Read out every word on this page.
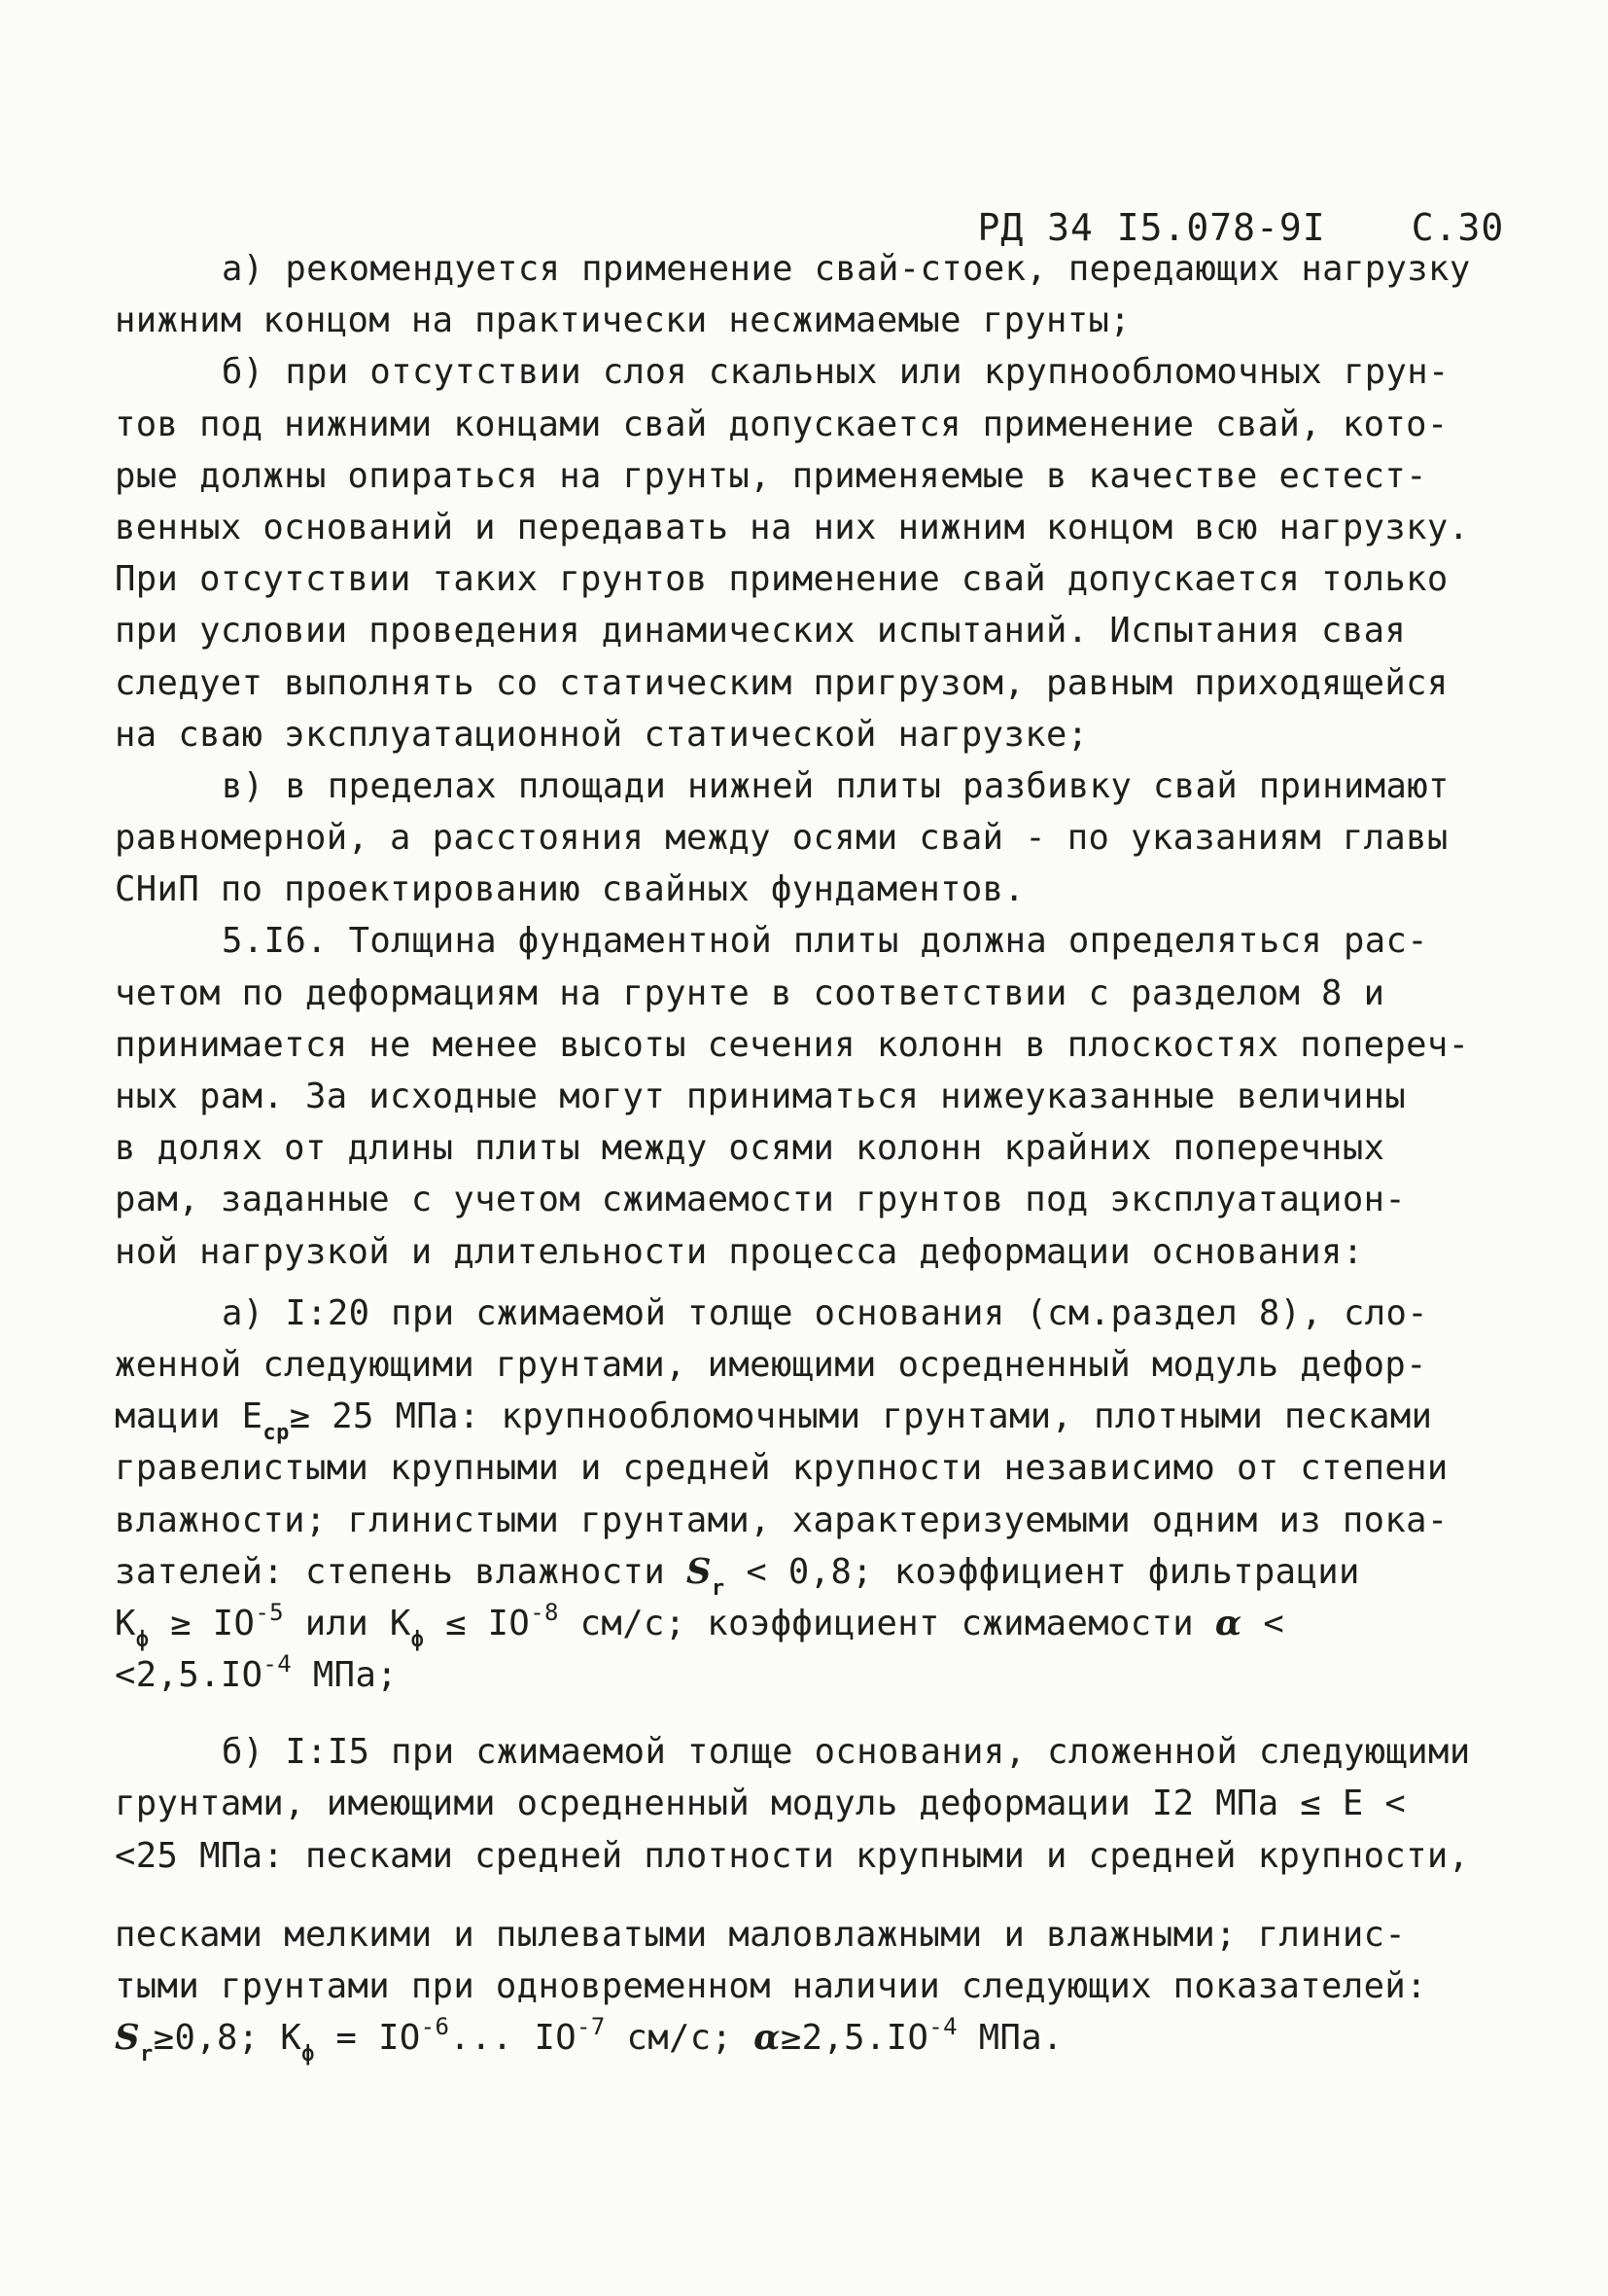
РД 34 I5.078-9I С.30

а) рекомендуется применение свай-стоек, передающих нагрузку
нижним концом на практически несжимаемые грунты;
б) при отсутствии слоя скальных или крупнообломочных грун-
тов под нижними концами свай допускается применение свай, кото-
рые должны опираться на грунты, применяемые в качестве естест-
венных оснований и передавать на них нижним концом всю нагрузку.
При отсутствии таких грунтов применение свай допускается только
при условии проведения динамических испытаний. Испытания свая
следует выполнять со статическим пригрузом, равным приходящейся
на сваю эксплуатационной статической нагрузке;
в) в пределах площади нижней плиты разбивку свай принимают
равномерной, а расстояния между осями свай - по указаниям главы
СНиП по проектированию свайных фундаментов.
5.I6. Толщина фундаментной плиты должна определяться рас-
четом по деформациям на грунте в соответствии с разделом 8 и
принимается не менее высоты сечения колонн в плоскостях попереч-
ных рам. За исходные могут приниматься нижеуказанные величины
в долях от длины плиты между осями колонн крайних поперечных
рам, заданные с учетом сжимаемости грунтов под эксплуатацион-
ной нагрузкой и длительности процесса деформации основания:
а) I:20 при сжимаемой толще основания (см.раздел 8), сло-
женной следующими грунтами, имеющими осредненный модуль дефор-
мации $Е_{ср}\ge 25$ МПа: крупнообломочными грунтами, плотными песками
гравелистыми крупными и средней крупности независимо от степени
влажности; глинистыми грунтами, характеризуемыми одним из пока-
зателей: степень влажности $S_r < 0,8$; коэффициент фильтрации
$К_ф \ge IО^{-5}$ или $К_ф \le IО^{-8}$ см/с; коэффициент сжимаемости α <
$<2,5.IО^{-4}$ МПа;
б) I:I5 при сжимаемой толще основания, сложенной следующими
грунтами, имеющими осредненный модуль деформации I2 МПа ≤ Е <
<25 МПа: песками средней плотности крупными и средней крупности,
песками мелкими и пылеватыми маловлажными и влажными; глинис-
тыми грунтами при одновременном наличии следующих показателей:
$S_r\ge 0,8$; $К_ф = IО^{-6}$... $IО^{-7}$ см/с; $\alpha\ge 2,5.IО^{-4}$ МПа.
